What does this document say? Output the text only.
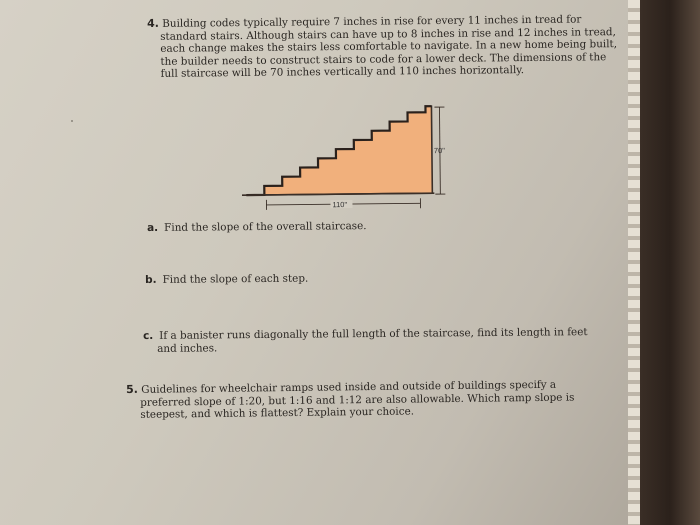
4. Building codes typically require 7 inches in rise for every 11 inches in tread for
standard stairs. Although stairs can have up to 8 inches in rise and 12 inches in tread,
each change makes the stairs less comfortable to navigate. In a new home being built,
the builder needs to construct stairs to code for a lower deck. The dimensions of the
full staircase will be 70 inches vertically and 110 inches horizontally.
70"
110"
a. Find the slope of the overall staircase.
b. Find the slope of each step.
c. If a banister runs diagonally the full length of the staircase, find its length in feet
and inches.
5. Guidelines for wheelchair ramps used inside and outside of buildings specify a
preferred slope of 1:20, but 1:16 and 1:12 are also allowable. Which ramp slope is
steepest, and which is flattest? Explain your choice.
